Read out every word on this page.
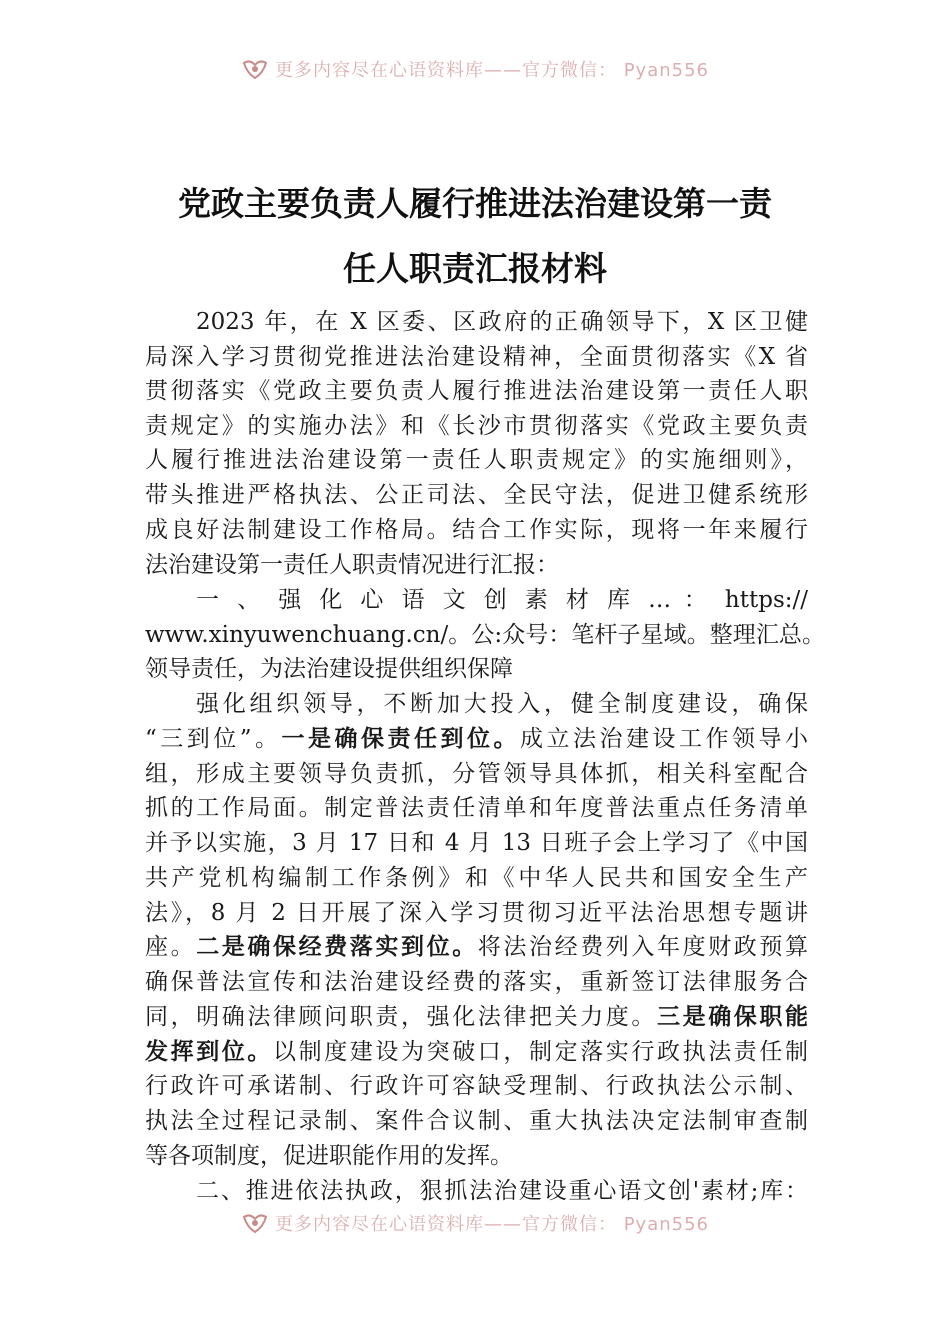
更多内容尽在心语资料库——官方微信： Pyan556
党政主要负责人履行推进法治建设第一责
任人职责汇报材料
2023 年，在 X 区委、区政府的正确领导下，X 区卫健
局深入学习贯彻党推进法治建设精神，全面贯彻落实《X 省
贯彻落实《党政主要负责人履行推进法治建设第一责任人职
责规定》的实施办法》和《长沙市贯彻落实《党政主要负责
人履行推进法治建设第一责任人职责规定》的实施细则》，
带头推进严格执法、公正司法、全民守法，促进卫健系统形
成良好法制建设工作格局。结合工作实际，现将一年来履行
法治建设第一责任人职责情况进行汇报：
一 、 强 化 心 语 文 创 素 材 库 … ： https://
www.xinyuwenchuang.cn/。公:众号：笔杆子星域。整理汇总。
领导责任，为法治建设提供组织保障
强化组织领导，不断加大投入，健全制度建设，确保
“三到位”。一是确保责任到位。成立法治建设工作领导小
组，形成主要领导负责抓，分管领导具体抓，相关科室配合
抓的工作局面。制定普法责任清单和年度普法重点任务清单
并予以实施，3 月 17 日和 4 月 13 日班子会上学习了《中国
共产党机构编制工作条例》和《中华人民共和国安全生产
法》，8 月 2 日开展了深入学习贯彻习近平法治思想专题讲
座。二是确保经费落实到位。将法治经费列入年度财政预算
确保普法宣传和法治建设经费的落实，重新签订法律服务合
同，明确法律顾问职责，强化法律把关力度。三是确保职能
发挥到位。以制度建设为突破口，制定落实行政执法责任制
行政许可承诺制、行政许可容缺受理制、行政执法公示制、
执法全过程记录制、案件合议制、重大执法决定法制审查制
等各项制度，促进职能作用的发挥。
二、推进依法执政，狠抓法治建设重心语文创'素材;库：
更多内容尽在心语资料库——官方微信： Pyan556
